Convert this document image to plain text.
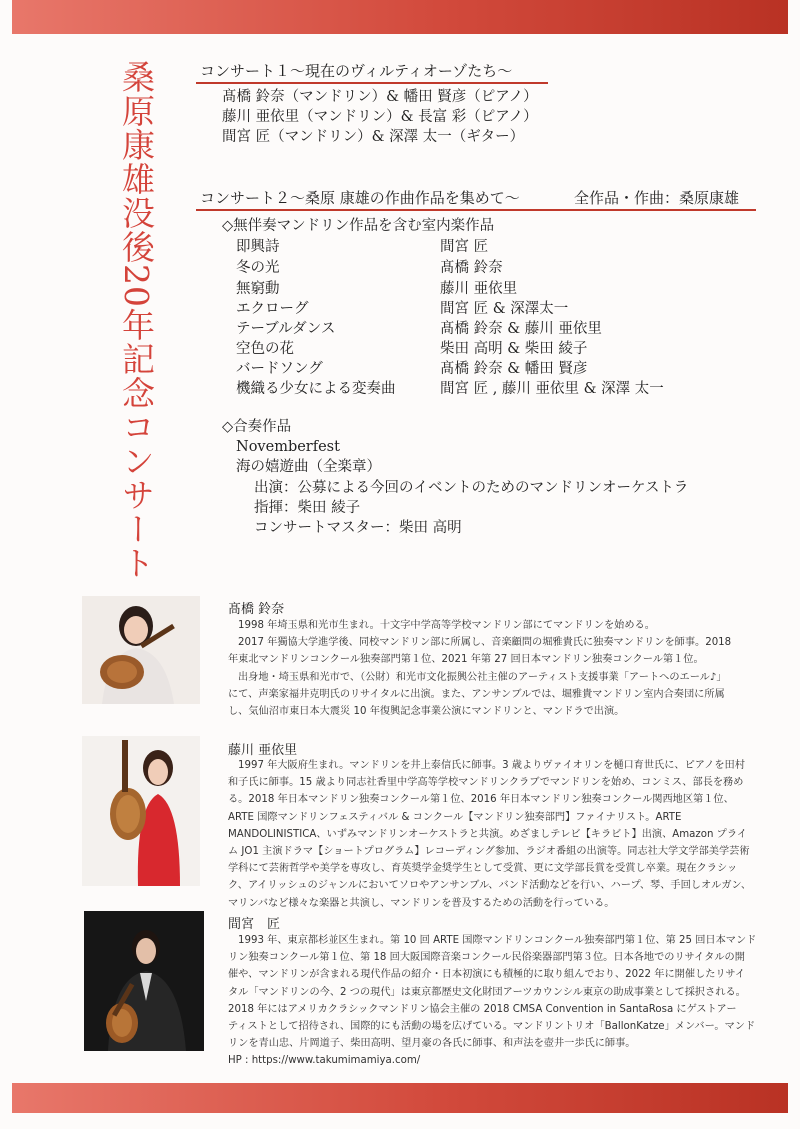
桑原康雄没後20年記念コンサート	コンサート１〜現在のヴィルティオーゾたち〜
髙橋 鈴奈（マンドリン）& 幡田 賢彦（ピアノ）
藤川 亜依里（マンドリン）& 長富 彩（ピアノ）
間宮 匠（マンドリン）& 深澤 太一（ギター）
コンサート２〜桑原 康雄の作曲作品を集めて〜	全作品・作曲：桑原康雄
◇無伴奏マンドリン作品を含む室内楽作品
即興詩	間宮 匠
冬の光	髙橋 鈴奈
無窮動	藤川 亜依里
エクローグ	間宮 匠 & 深澤太一
テーブルダンス	髙橋 鈴奈 & 藤川 亜依里
空色の花	柴田 高明 & 柴田 綾子
バードソング	髙橋 鈴奈 & 幡田 賢彦
機織る少女による変奏曲	間宮 匠 , 藤川 亜依里 & 深澤 太一
◇合奏作品
Novemberfest
海の嬉遊曲（全楽章）
出演：公募による今回のイベントのためのマンドリンオーケストラ
指揮：柴田 綾子
コンサートマスター：柴田 高明
髙橋 鈴奈
1998 年埼玉県和光市生まれ。十文字中学高等学校マンドリン部にてマンドリンを始める。
2017 年獨協大学進学後、同校マンドリン部に所属し、音楽顧問の堀雅貴氏に独奏マンドリンを師事。2018
年東北マンドリンコンクール独奏部門第１位、2021 年第 27 回日本マンドリン独奏コンクール第１位。
出身地・埼玉県和光市で、（公財）和光市文化振興公社主催のアーティスト支援事業「アートへのエール♪」
にて、声楽家福井克明氏のリサイタルに出演。また、アンサンブルでは、堀雅貴マンドリン室内合奏団に所属
し、気仙沼市東日本大震災 10 年復興記念事業公演にマンドリンと、マンドラで出演。
藤川 亜依里
1997 年大阪府生まれ。マンドリンを井上泰信氏に師事。3 歳よりヴァイオリンを樋口育世氏に、ピアノを田村
和子氏に師事。15 歳より同志社香里中学高等学校マンドリンクラブでマンドリンを始め、コンミス、部長を務め
る。2018 年日本マンドリン独奏コンクール第１位、2016 年日本マンドリン独奏コンクール関西地区第１位、
ARTE 国際マンドリンフェスティバル & コンクール【マンドリン独奏部門】ファイナリスト。ARTE
MANDOLINISTICA、いずみマンドリンオーケストラと共演。めざましテレビ【キラビト】出演、Amazon プライ
ム JO1 主演ドラマ【ショートプログラム】レコーディング参加、ラジオ番組の出演等。同志社大学文学部美学芸術
学科にて芸術哲学や美学を専攻し、育英奨学金奨学生として受賞、更に文学部長賞を受賞し卒業。現在クラシッ
ク、アイリッシュのジャンルにおいてソロやアンサンブル、バンド活動などを行い、ハープ、琴、手回しオルガン、
マリンバなど様々な楽器と共演し、マンドリンを普及するための活動を行っている。
間宮　匠
1993 年、東京都杉並区生まれ。第 10 回 ARTE 国際マンドリンコンクール独奏部門第１位、第 25 回日本マンド
リン独奏コンクール第１位、第 18 回大阪国際音楽コンクール民俗楽器部門第３位。日本各地でのリサイタルの開
催や、マンドリンが含まれる現代作品の紹介・日本初演にも積極的に取り組んでおり、2022 年に開催したリサイ
タル「マンドリンの今、2 つの現代」は東京都歴史文化財団アーツカウンシル東京の助成事業として採択される。
2018 年にはアメリカクラシックマンドリン協会主催の 2018 CMSA Convention in SantaRosa にゲストアー
ティストとして招待され、国際的にも活動の場を広げている。マンドリントリオ「BallonKatze」メンバー。マンド
リンを青山忠、片岡道子、柴田高明、望月豪の各氏に師事、和声法を壺井一歩氏に師事。
HP : https://www.takumimamiya.com/
